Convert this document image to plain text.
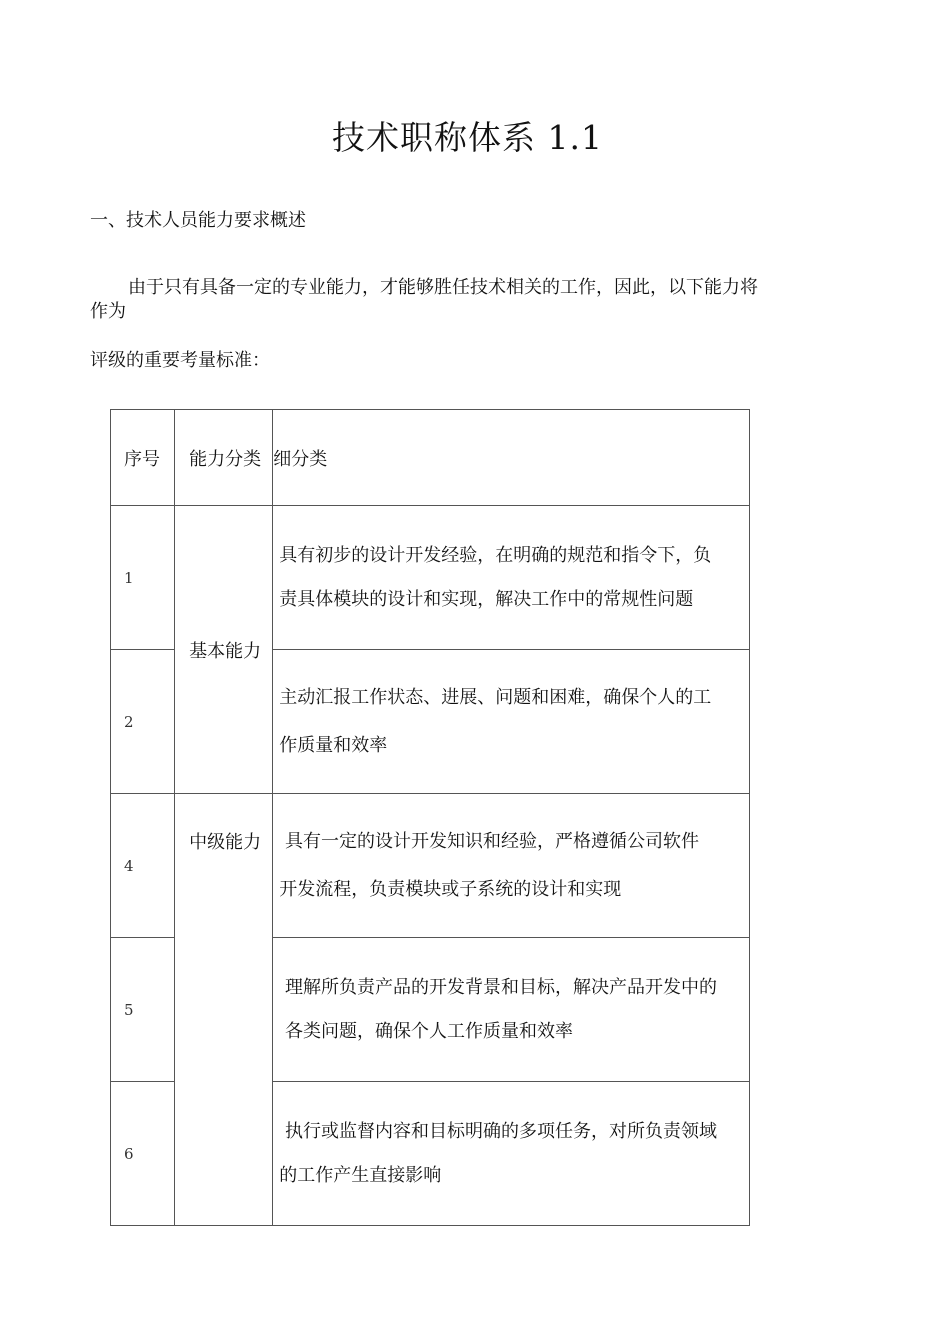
技术职称体系 1.1
一、技术人员能力要求概述

由于只有具备一定的专业能力，才能够胜任技术相关的工作，因此，以下能力将作为

评级的重要考量标准：

序号	能力分类	细分类
1	基本能力	具有初步的设计开发经验，在明确的规范和指令下，负
责具体模块的设计和实现，解决工作中的常规性问题

2		主动汇报工作状态、进展、问题和困难，确保个人的工
作质量和效率

4	中级能力	具有一定的设计开发知识和经验，严格遵循公司软件
开发流程，负责模块或子系统的设计和实现

5		理解所负责产品的开发背景和目标，解决产品开发中的
各类问题，确保个人工作质量和效率

6		执行或监督内容和目标明确的多项任务，对所负责领域
的工作产生直接影响
